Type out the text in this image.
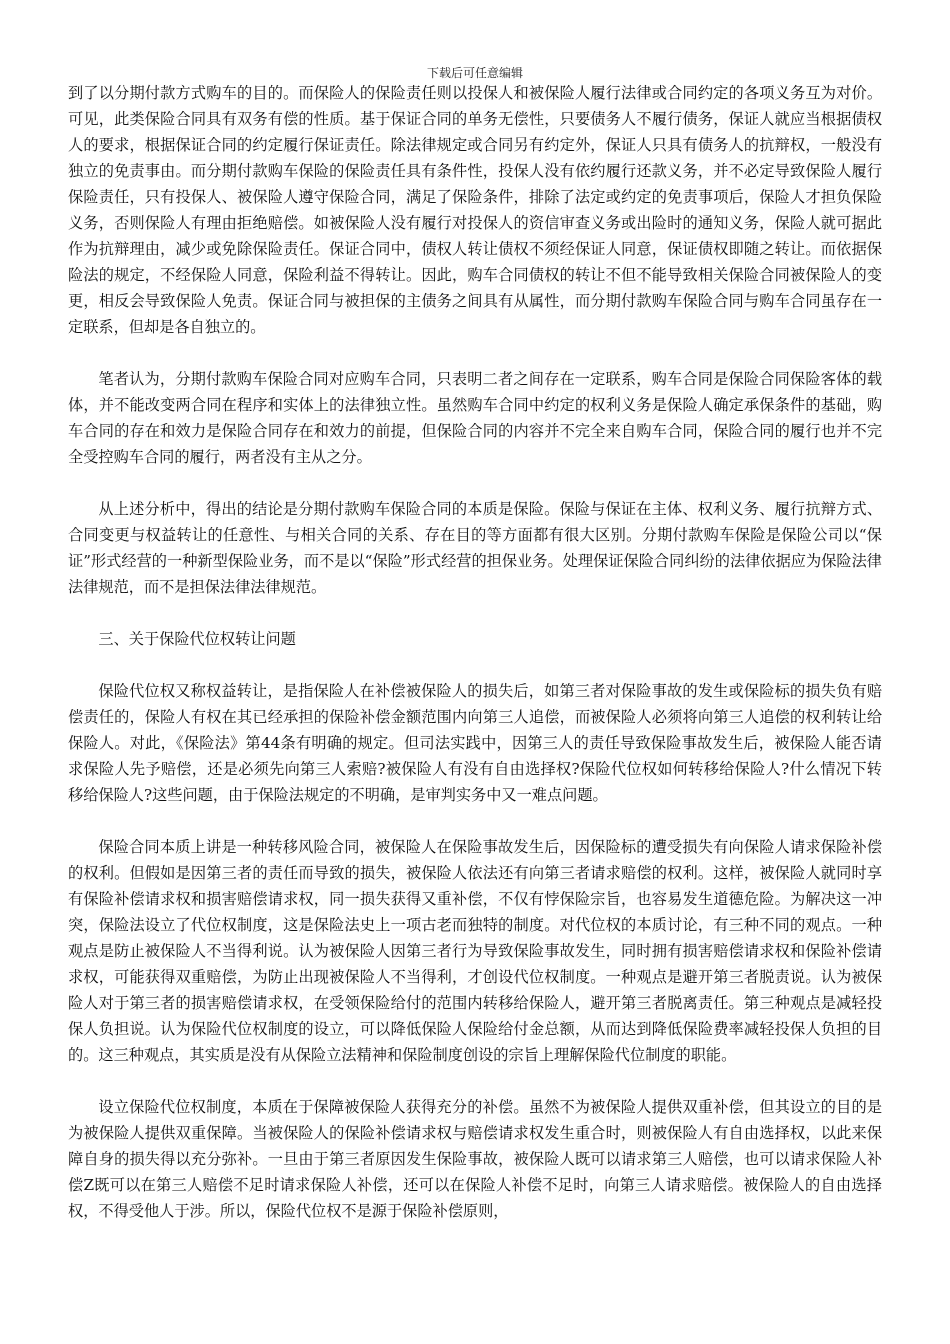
下载后可任意编辑

到了以分期付款方式购车的目的。而保险人的保险责任则以投保人和被保险人履行法律或合同约定的各项义务互为对价。可见，此类保险合同具有双务有偿的性质。基于保证合同的单务无偿性，只要债务人不履行债务，保证人就应当根据债权人的要求，根据保证合同的约定履行保证责任。除法律规定或合同另有约定外，保证人只具有债务人的抗辩权，一般没有独立的免责事由。而分期付款购车保险的保险责任具有条件性，投保人没有依约履行还款义务，并不必定导致保险人履行保险责任，只有投保人、被保险人遵守保险合同，满足了保险条件，排除了法定或约定的免责事项后，保险人才担负保险义务，否则保险人有理由拒绝赔偿。如被保险人没有履行对投保人的资信审查义务或出险时的通知义务，保险人就可据此作为抗辩理由，减少或免除保险责任。保证合同中，债权人转让债权不须经保证人同意，保证债权即随之转让。而依据保险法的规定，不经保险人同意，保险利益不得转让。因此，购车合同债权的转让不但不能导致相关保险合同被保险人的变更，相反会导致保险人免责。保证合同与被担保的主债务之间具有从属性，而分期付款购车保险合同与购车合同虽存在一定联系，但却是各自独立的。

笔者认为，分期付款购车保险合同对应购车合同，只表明二者之间存在一定联系，购车合同是保险合同保险客体的载体，并不能改变两合同在程序和实体上的法律独立性。虽然购车合同中约定的权利义务是保险人确定承保条件的基础，购车合同的存在和效力是保险合同存在和效力的前提，但保险合同的内容并不完全来自购车合同，保险合同的履行也并不完全受控购车合同的履行，两者没有主从之分。

从上述分析中，得出的结论是分期付款购车保险合同的本质是保险。保险与保证在主体、权利义务、履行抗辩方式、合同变更与权益转让的任意性、与相关合同的关系、存在目的等方面都有很大区别。分期付款购车保险是保险公司以“保证”形式经营的一种新型保险业务，而不是以“保险”形式经营的担保业务。处理保证保险合同纠纷的法律依据应为保险法律法律规范，而不是担保法律法律规范。

三、关于保险代位权转让问题

保险代位权又称权益转让，是指保险人在补偿被保险人的损失后，如第三者对保险事故的发生或保险标的损失负有赔偿责任的，保险人有权在其已经承担的保险补偿金额范围内向第三人追偿，而被保险人必须将向第三人追偿的权利转让给保险人。对此，《保险法》第44条有明确的规定。但司法实践中，因第三人的责任导致保险事故发生后，被保险人能否请求保险人先予赔偿，还是必须先向第三人索赔?被保险人有没有自由选择权?保险代位权如何转移给保险人?什么情况下转移给保险人?这些问题，由于保险法规定的不明确，是审判实务中又一难点问题。

保险合同本质上讲是一种转移风险合同，被保险人在保险事故发生后，因保险标的遭受损失有向保险人请求保险补偿的权利。但假如是因第三者的责任而导致的损失，被保险人依法还有向第三者请求赔偿的权利。这样，被保险人就同时享有保险补偿请求权和损害赔偿请求权，同一损失获得又重补偿，不仅有悖保险宗旨，也容易发生道德危险。为解决这一冲突，保险法设立了代位权制度，这是保险法史上一项古老而独特的制度。对代位权的本质讨论，有三种不同的观点。一种观点是防止被保险人不当得利说。认为被保险人因第三者行为导致保险事故发生，同时拥有损害赔偿请求权和保险补偿请求权，可能获得双重赔偿，为防止出现被保险人不当得利，才创设代位权制度。一种观点是避开第三者脱责说。认为被保险人对于第三者的损害赔偿请求权，在受领保险给付的范围内转移给保险人，避开第三者脱离责任。第三种观点是减轻投保人负担说。认为保险代位权制度的设立，可以降低保险人保险给付金总额，从而达到降低保险费率减轻投保人负担的目的。这三种观点，其实质是没有从保险立法精神和保险制度创设的宗旨上理解保险代位制度的职能。

设立保险代位权制度，本质在于保障被保险人获得充分的补偿。虽然不为被保险人提供双重补偿，但其设立的目的是为被保险人提供双重保障。当被保险人的保险补偿请求权与赔偿请求权发生重合时，则被保险人有自由选择权，以此来保障自身的损失得以充分弥补。一旦由于第三者原因发生保险事故，被保险人既可以请求第三人赔偿，也可以请求保险人补偿Z既可以在第三人赔偿不足时请求保险人补偿，还可以在保险人补偿不足时，向第三人请求赔偿。被保险人的自由选择权，不得受他人于涉。所以，保险代位权不是源于保险补偿原则，
